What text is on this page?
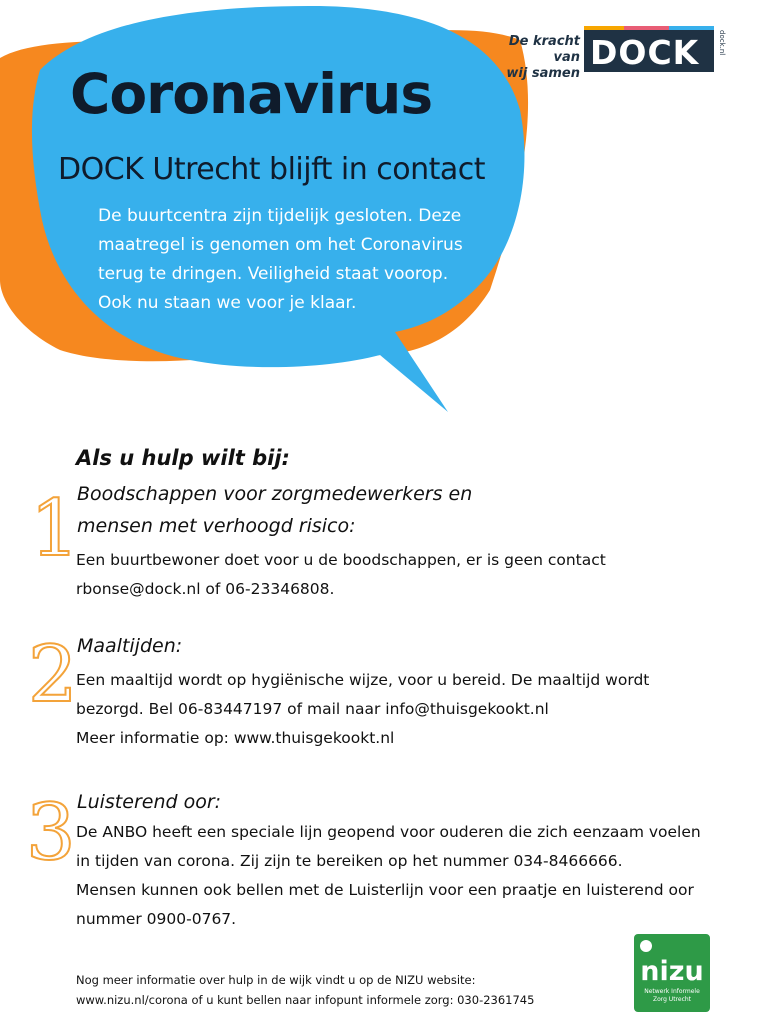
De kracht van
wij samen
DOCK	dock.nl
Coronavirus
DOCK Utrecht blijft in contact

De buurtcentra zijn tijdelijk gesloten. Deze
maatregel is genomen om het Coronavirus
terug te dringen. Veiligheid staat voorop.
Ook nu staan we voor je klaar.

Als u hulp wilt bij:
1
Boodschappen voor zorgmedewerkers en
mensen met verhoogd risico:

Een buurtbewoner doet voor u de boodschappen, er is geen contact
rbonse@dock.nl of 06-23346808.

2 Maaltijden:

Een maaltijd wordt op hygiënische wijze, voor u bereid. De maaltijd wordt
bezorgd. Bel 06-83447197 of mail naar info@thuisgekookt.nl
Meer informatie op: www.thuisgekookt.nl

3 Luisterend oor:

De ANBO heeft een speciale lijn geopend voor ouderen die zich eenzaam voelen
in tijden van corona. Zij zijn te bereiken op het nummer 034-8466666.
Mensen kunnen ook bellen met de Luisterlijn voor een praatje en luisterend oor
nummer 0900-0767.

Nog meer informatie over hulp in de wijk vindt u op de NIZU website:
www.nizu.nl/corona of u kunt bellen naar infopunt informele zorg: 030-2361745

nizu
Netwerk Informele
Zorg Utrecht
